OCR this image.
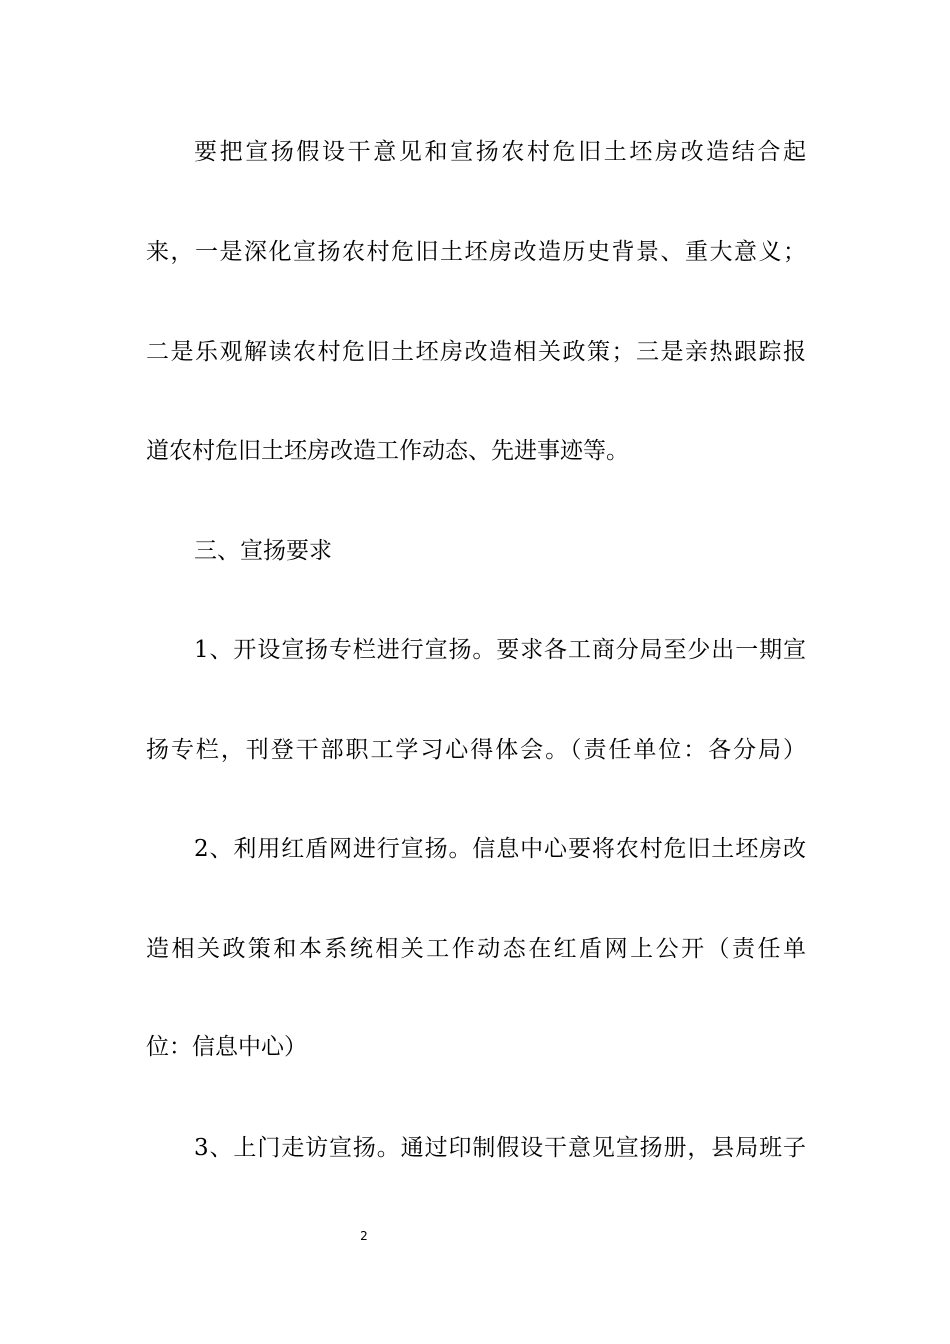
要把宣扬假设干意见和宣扬农村危旧土坯房改造结合起
来，一是深化宣扬农村危旧土坯房改造历史背景、重大意义；
二是乐观解读农村危旧土坯房改造相关政策；三是亲热跟踪报
道农村危旧土坯房改造工作动态、先进事迹等。
三、宣扬要求
1、开设宣扬专栏进行宣扬。要求各工商分局至少出一期宣
扬专栏，刊登干部职工学习心得体会。（责任单位：各分局）
2、利用红盾网进行宣扬。信息中心要将农村危旧土坯房改
造相关政策和本系统相关工作动态在红盾网上公开（责任单
位：信息中心）
3、上门走访宣扬。通过印制假设干意见宣扬册，县局班子
2
